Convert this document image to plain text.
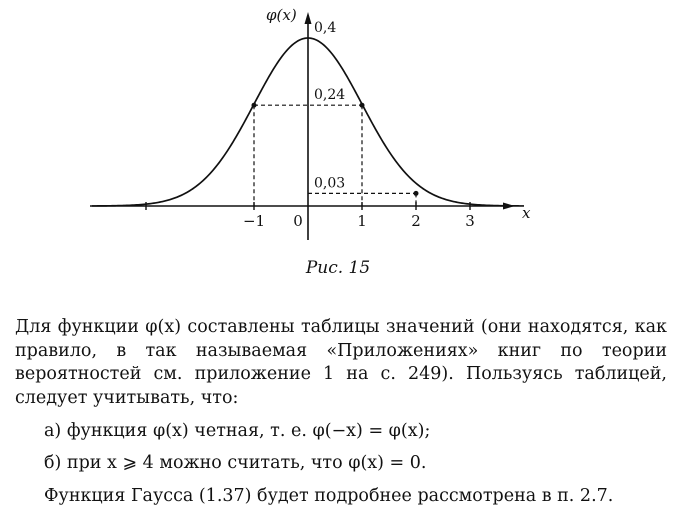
−1 0	1	2	3
0,4
0,24
0,03
x
φ(x)
Рис. 15
Для функции φ(x) составлены таблицы значений (они находятся, как правило, в так называемая «Приложениях» книг по теории вероятностей см. приложение 1 на с. 249). Пользуясь таблицей, следует учитывать, что:
а) функция φ(x) четная, т. е. φ(−x) = φ(x);
б) при x ⩾ 4 можно считать, что φ(x) = 0.
Функция Гаусса (1.37) будет подробнее рассмотрена в п. 2.7.
